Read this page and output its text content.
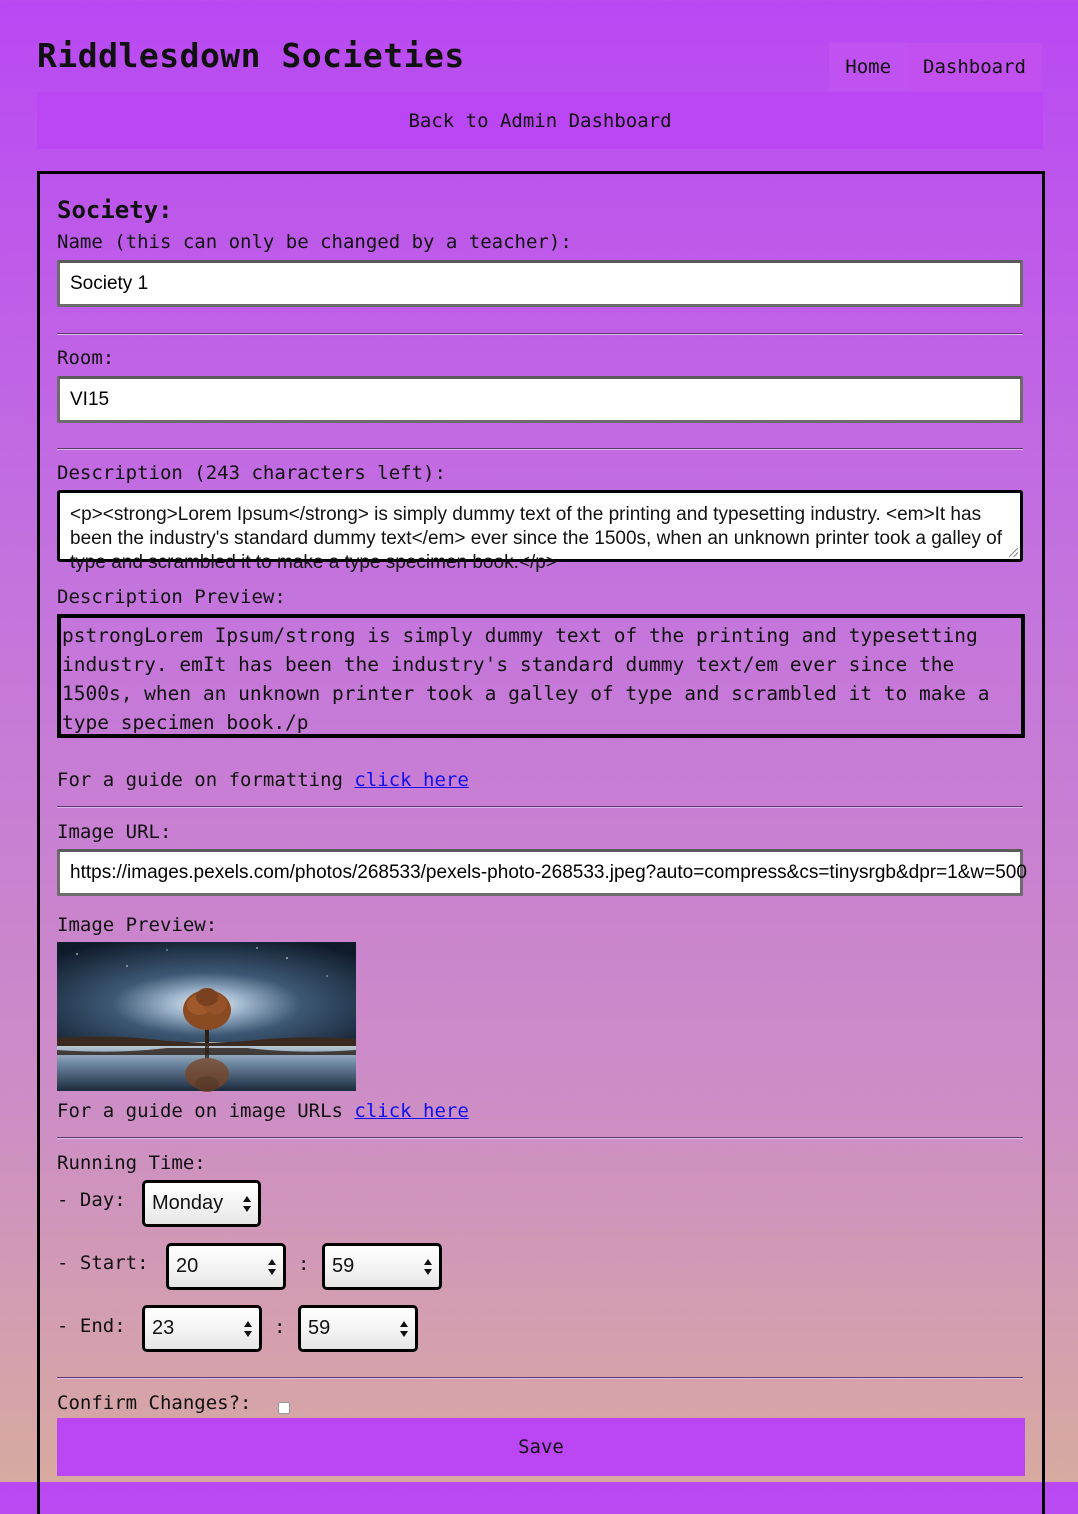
Riddlesdown Societies	Home	Dashboard
Back to Admin Dashboard
Society:
Name (this can only be changed by a teacher):
Society 1
Room:
VI15
Description (243 characters left):
<p><strong>Lorem Ipsum</strong> is simply dummy text of the printing and typesetting industry. <em>It has been the industry's standard dummy text</em> ever since the 1500s, when an unknown printer took a galley of type and scrambled it to make a type specimen book.</p>
Description Preview:
pstrongLorem Ipsum/strong is simply dummy text of the printing and typesetting industry. emIt has been the industry's standard dummy text/em ever since the 1500s, when an unknown printer took a galley of type and scrambled it to make a type specimen book./p
For a guide on formatting click here
Image URL:
https://images.pexels.com/photos/268533/pexels-photo-268533.jpeg?auto=compress&cs=tinysrgb&dpr=1&w=500
Image Preview:
For a guide on image URLs click here
Running Time:
- Day: Monday
- Start: 20	: 59
- End: 23	: 59
Confirm Changes?:
Save
